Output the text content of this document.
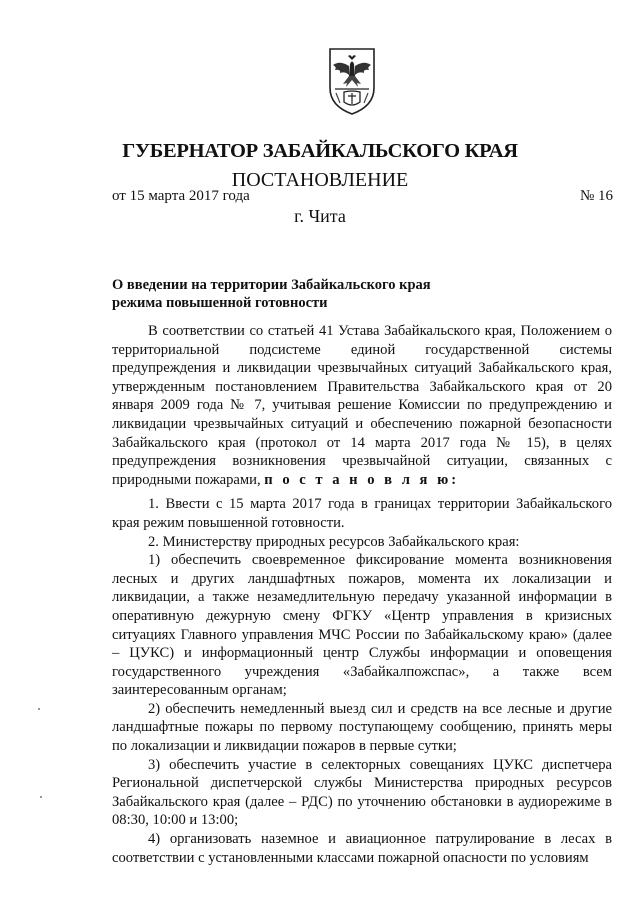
ГУБЕРНАТОР ЗАБАЙКАЛЬСКОГО КРАЯ
ПОСТАНОВЛЕНИЕ
от 15 марта 2017 года	№ 16
г. Чита
О введении на территории Забайкальского края
режима повышенной готовности

В соответствии со статьей 41 Устава Забайкальского края, Положением о территориальной подсистеме единой государственной системы предупреждения и ликвидации чрезвычайных ситуаций Забайкальского края, утвержденным постановлением Правительства Забайкальского края от 20 января 2009 года № 7, учитывая решение Комиссии по предупреждению и ликвидации чрезвычайных ситуаций и обеспечению пожарной безопасности Забайкальского края (протокол от 14 марта 2017 года № 15), в целях предупреждения возникновения чрезвычайной ситуации, связанных с природными пожарами, п о с т а н о в л я ю:

1. Ввести с 15 марта 2017 года в границах территории Забайкальского края режим повышенной готовности.

2. Министерству природных ресурсов Забайкальского края:

1) обеспечить своевременное фиксирование момента возникновения лесных и других ландшафтных пожаров, момента их локализации и ликвидации, а также незамедлительную передачу указанной информации в оперативную дежурную смену ФГКУ «Центр управления в кризисных ситуациях Главного управления МЧС России по Забайкальскому краю» (далее – ЦУКС) и информационный центр Службы информации и оповещения государственного учреждения «Забайкалпожспас», а также всем заинтересованным органам;

2) обеспечить немедленный выезд сил и средств на все лесные и другие ландшафтные пожары по первому поступающему сообщению, принять меры по локализации и ликвидации пожаров в первые сутки;

3) обеспечить участие в селекторных совещаниях ЦУКС диспетчера Региональной диспетчерской службы Министерства природных ресурсов Забайкальского края (далее – РДС) по уточнению обстановки в аудиорежиме в 08:30, 10:00 и 13:00;

4) организовать наземное и авиационное патрулирование в лесах в соответствии с установленными классами пожарной опасности по условиям
